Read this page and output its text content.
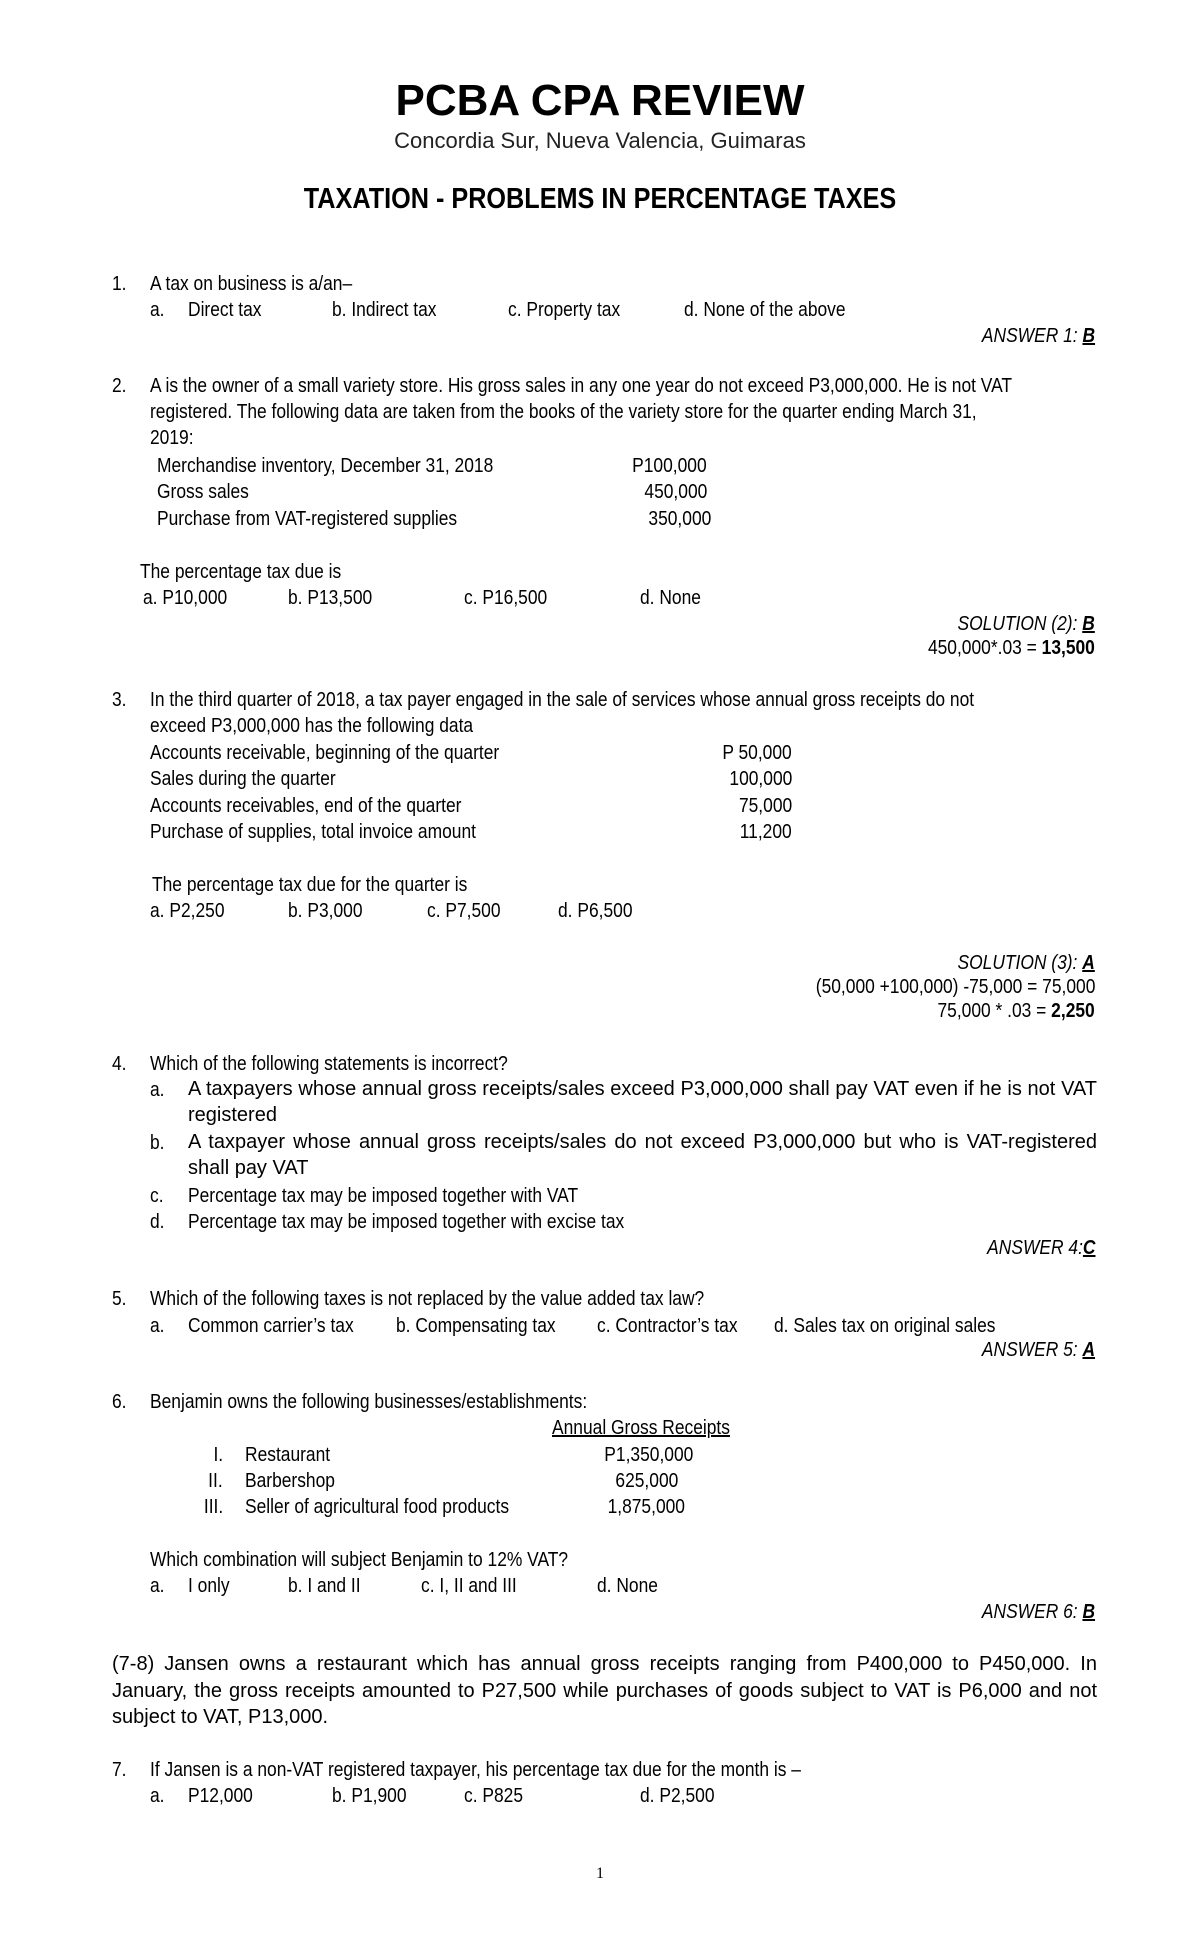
PCBA CPA REVIEW
Concordia Sur, Nueva Valencia, Guimaras
TAXATION - PROBLEMS IN PERCENTAGE TAXES
1. A tax on business is a/an–
a. Direct tax	b. Indirect tax	c. Property tax	d. None of the above
ANSWER 1: B
2. A is the owner of a small variety store. His gross sales in any one year do not exceed P3,000,000. He is not VAT
registered. The following data are taken from the books of the variety store for the quarter ending March 31,
2019:
Merchandise inventory, December 31, 2018	P100,000
Gross sales	450,000
Purchase from VAT-registered supplies	350,000
The percentage tax due is
a. P10,000	b. P13,500	c. P16,500	d. None
SOLUTION (2): B
450,000*.03 = 13,500
3. In the third quarter of 2018, a tax payer engaged in the sale of services whose annual gross receipts do not
exceed P3,000,000 has the following data
Accounts receivable, beginning of the quarter	P 50,000
Sales during the quarter	100,000
Accounts receivables, end of the quarter	75,000
Purchase of supplies, total invoice amount	11,200
The percentage tax due for the quarter is
a. P2,250	b. P3,000	c. P7,500	d. P6,500
SOLUTION (3): A
(50,000 +100,000) -75,000 = 75,000
75,000 * .03 = 2,250
4. Which of the following statements is incorrect?
a. A taxpayers whose annual gross receipts/sales exceed P3,000,000 shall pay VAT even if he is not VAT registered
b. A taxpayer whose annual gross receipts/sales do not exceed P3,000,000 but who is VAT-registered shall pay VAT
c. Percentage tax may be imposed together with VAT
d. Percentage tax may be imposed together with excise tax
ANSWER 4:C
5. Which of the following taxes is not replaced by the value added tax law?
a. Common carrier’s tax b. Compensating tax c. Contractor’s tax d. Sales tax on original sales
ANSWER 5: A
6. Benjamin owns the following businesses/establishments:
Annual Gross Receipts
I. Restaurant	P1,350,000
II. Barbershop	625,000
III. Seller of agricultural food products	1,875,000
Which combination will subject Benjamin to 12% VAT?
a. I only	b. I and II	c. I, II and III	d. None
ANSWER 6: B
(7-8) Jansen owns a restaurant which has annual gross receipts ranging from P400,000 to P450,000. In January, the gross receipts amounted to P27,500 while purchases of goods subject to VAT is P6,000 and not subject to VAT, P13,000.
7. If Jansen is a non-VAT registered taxpayer, his percentage tax due for the month is –
a. P12,000	b. P1,900	c. P825	d. P2,500
1
